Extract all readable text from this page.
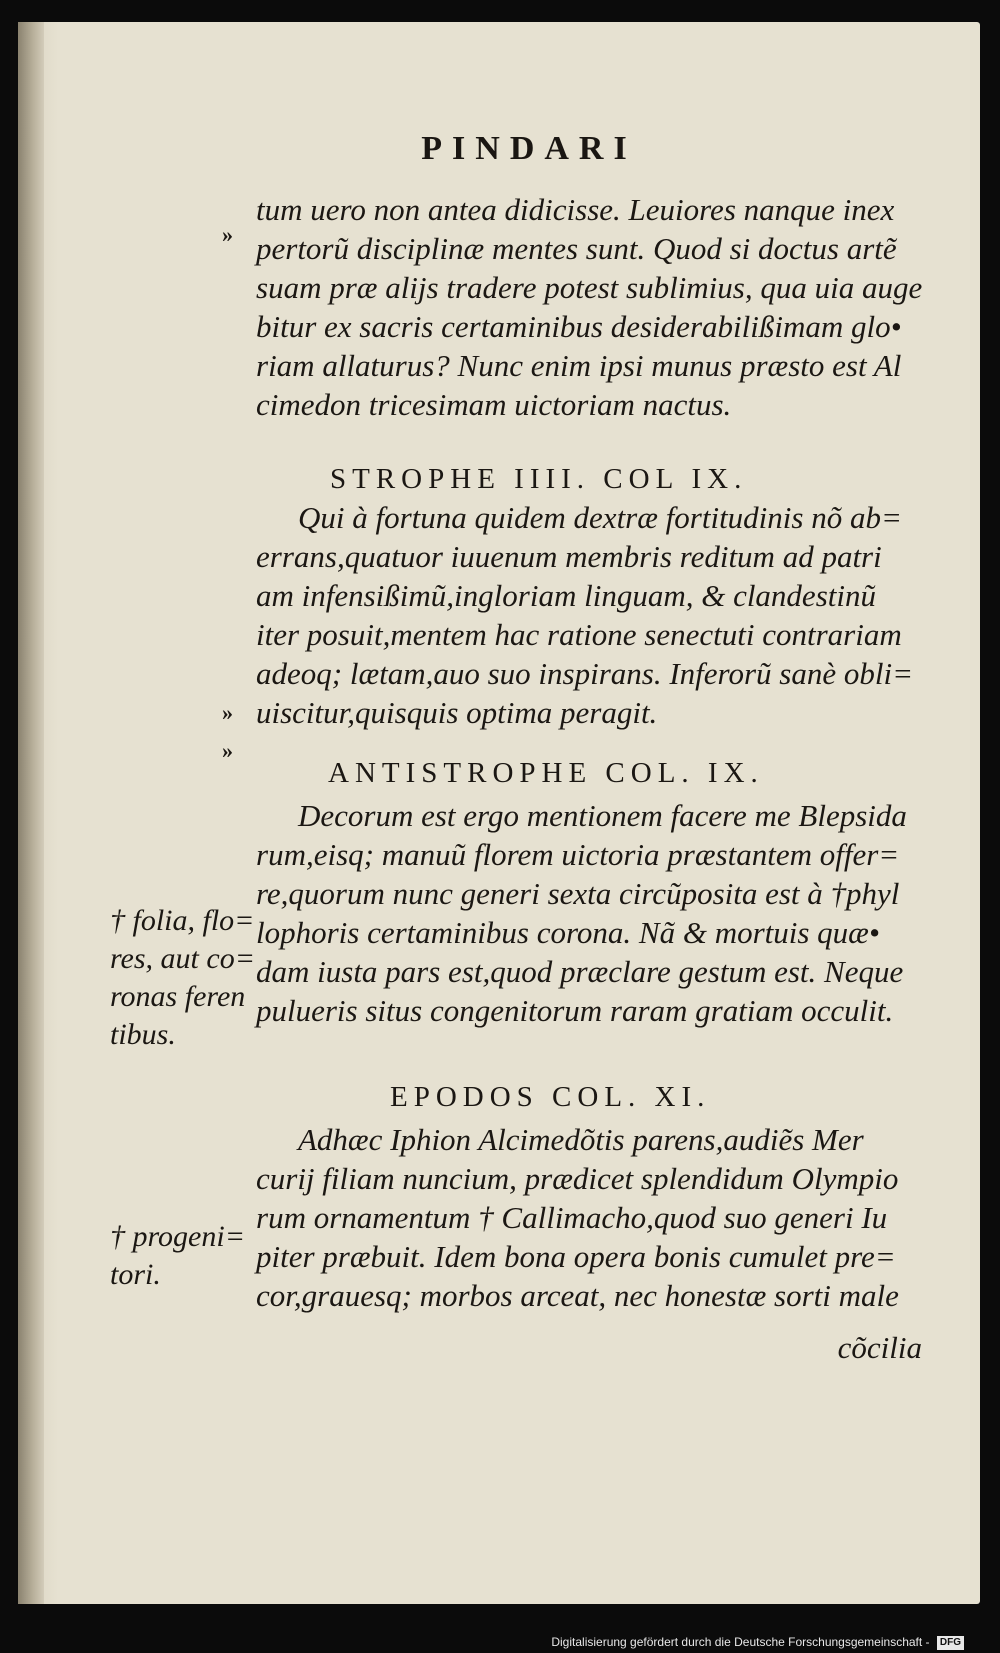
PINDARI
»
»
»
tum uero non antea didicisse. Leuiores nanque inex
pertorũ disciplinæ mentes sunt. Quod si doctus artẽ
suam præ alijs tradere potest sublimius, qua uia auge
bitur ex sacris certaminibus desiderabilißimam glo•
riam allaturus? Nunc enim ipsi munus præsto est Al
cimedon tricesimam uictoriam nactus.
STROPHE IIII. COL IX.
Qui à fortuna quidem dextræ fortitudinis nõ ab=
errans,quatuor iuuenum membris reditum ad patri
am infensißimũ,ingloriam linguam, & clandestinũ
iter posuit,mentem hac ratione senectuti contrariam
adeoq; lætam,auo suo inspirans. Inferorũ sanè obli=
uiscitur,quisquis optima peragit.
ANTISTROPHE COL. IX.
Decorum est ergo mentionem facere me Blepsida
rum,eisq; manuũ florem uictoria præstantem offer=
re,quorum nunc generi sexta circũposita est à †phyl
lophoris certaminibus corona. Nã & mortuis quæ•
dam iusta pars est,quod præclare gestum est. Neque
pulueris situs congenitorum raram gratiam occulit.
† folia, flo= res, aut co= ronas feren tibus.
EPODOS COL. XI.
Adhæc Iphion Alcimedõtis parens,audiẽs Mer
curij filiam nuncium, prædicet splendidum Olympio
rum ornamentum † Callimacho,quod suo generi Iu
piter præbuit. Idem bona opera bonis cumulet pre=
cor,grauesq; morbos arceat, nec honestæ sorti male
† progeni= tori.
cõcilia
Digitalisierung gefördert durch die Deutsche Forschungsgemeinschaft - DFG
